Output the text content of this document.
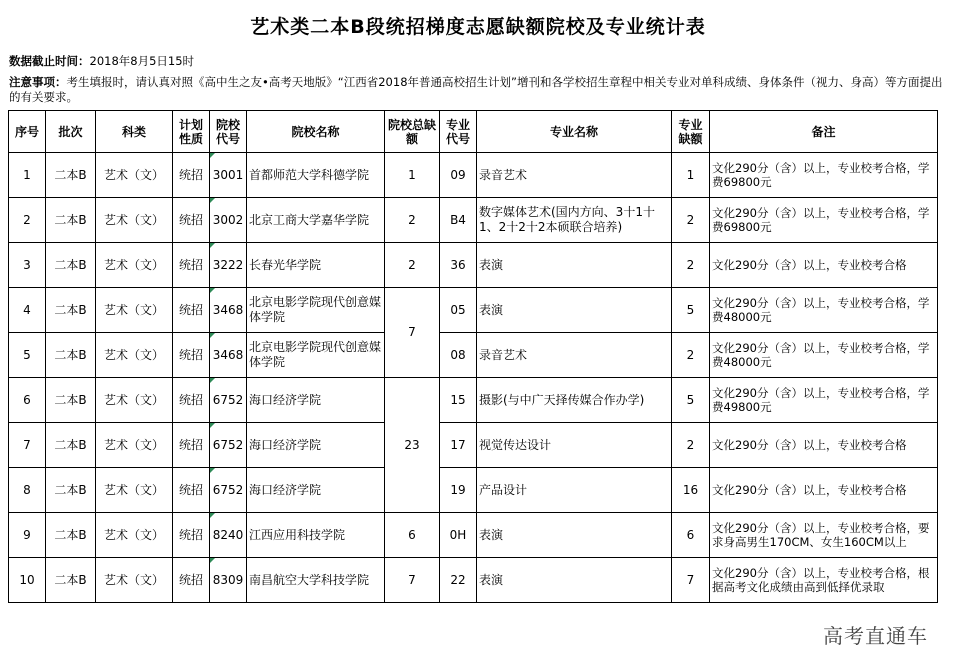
艺术类二本B段统招梯度志愿缺额院校及专业统计表
数据截止时间：2018年8月5日15时
注意事项：考生填报时，请认真对照《高中生之友•高考天地版》“江西省2018年普通高校招生计划”增刊和各学校招生章程中相关专业对单科成绩、身体条件（视力、身高）等方面提出的有关要求。
序号	批次	科类	计划性质	院校代号	院校名称	院校总缺额	专业代号	专业名称	专业缺额	备注
1	二本B	艺术（文）	统招	3001	首都师范大学科德学院	1	09	录音艺术	1	文化290分（含）以上，专业校考合格，学费69800元
2	二本B	艺术（文）	统招	3002	北京工商大学嘉华学院	2	B4	数字媒体艺术(国内方向、3十1十1、2十2十2本硕联合培养)	2	文化290分（含）以上，专业校考合格，学费69800元
3	二本B	艺术（文）	统招	3222	长春光华学院	2	36	表演	2	文化290分（含）以上，专业校考合格
4	二本B	艺术（文）	统招	3468	北京电影学院现代创意媒体学院	7	05	表演	5	文化290分（含）以上，专业校考合格，学费48000元
5	二本B	艺术（文）	统招	3468	北京电影学院现代创意媒体学院		08	录音艺术	2	文化290分（含）以上，专业校考合格，学费48000元
6	二本B	艺术（文）	统招	6752	海口经济学院	23	15	摄影(与中广天择传媒合作办学)	5	文化290分（含）以上，专业校考合格，学费49800元
7	二本B	艺术（文）	统招	6752	海口经济学院		17	视觉传达设计	2	文化290分（含）以上，专业校考合格
8	二本B	艺术（文）	统招	6752	海口经济学院		19	产品设计	16	文化290分（含）以上，专业校考合格
9	二本B	艺术（文）	统招	8240	江西应用科技学院	6	0H	表演	6	文化290分（含）以上，专业校考合格，要求身高男生170CM、女生160CM以上
10	二本B	艺术（文）	统招	8309	南昌航空大学科技学院	7	22	表演	7	文化290分（含）以上，专业校考合格，根据高考文化成绩由高到低择优录取
高考直通车
